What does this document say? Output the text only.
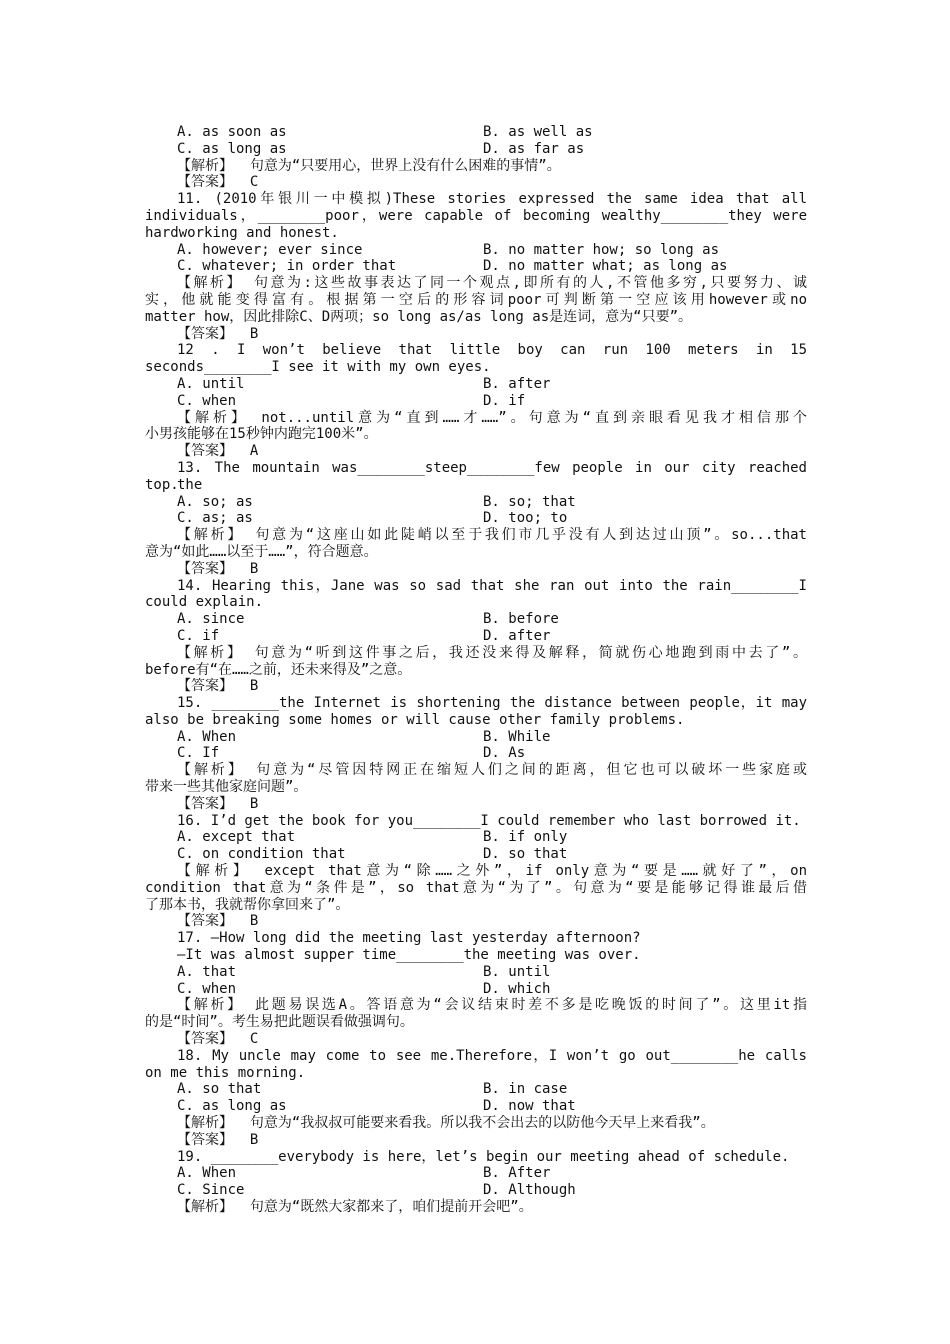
A. as soon as	B. as well as
C. as long as	D. as far as
【解析】  句意为“只要用心，世界上没有什么困难的事情”。
【答案】  C
11. (2010年银川一中模拟)These stories expressed the same idea that all
individuals，________poor，were capable of becoming wealthy________they were
hardworking and honest.
A. however; ever since	B. no matter how; so long as
C. whatever; in order that	D. no matter what; as long as
【解析】 句意为:这些故事表达了同一个观点,即所有的人,不管他多穷,只要努力、诚
实，他就能变得富有。根据第一空后的形容词poor可判断第一空应该用however或no
matter how，因此排除C、D两项；so long as/as long as是连词，意为“只要”。
【答案】  B
12 . I won’t believe that little boy can run 100 meters in 15
seconds________I see it with my own eyes.
A. until	B. after
C. when	D. if
【解析】 not...until意为“直到……才……”。句意为“直到亲眼看见我才相信那个
小男孩能够在15秒钟内跑完100米”。
【答案】  A
13. The mountain was________steep________few people in our city reached the
top.
A. so; as	B. so; that
C. as; as	D. too; to
【解析】 句意为“这座山如此陡峭以至于我们市几乎没有人到达过山顶”。so...that
意为“如此……以至于……”，符合题意。
【答案】  B
14. Hearing this，Jane was so sad that she ran out into the rain________I
could explain.
A. since	B. before
C. if	D. after
【解析】 句意为“听到这件事之后，我还没来得及解释，简就伤心地跑到雨中去了”。
before有“在……之前，还未来得及”之意。
【答案】  B
15. ________the Internet is shortening the distance between people，it may
also be breaking some homes or will cause other family problems.
A. When	B. While
C. If	D. As
【解析】 句意为“尽管因特网正在缩短人们之间的距离，但它也可以破坏一些家庭或
带来一些其他家庭问题”。
【答案】  B
16. I’d get the book for you________I could remember who last borrowed it.
A. except that	B. if only
C. on condition that	D. so that
【解析】 except that意为“除……之外”，if only意为“要是……就好了”，on
condition that意为“条件是”，so that意为“为了”。句意为“要是能够记得谁最后借
了那本书，我就帮你拿回来了”。
【答案】  B
17. —How long did the meeting last yesterday afternoon?
—It was almost supper time________the meeting was over.
A. that	B. until
C. when	D. which
【解析】 此题易误选A。答语意为“会议结束时差不多是吃晚饭的时间了”。这里it指
的是“时间”。考生易把此题误看做强调句。
【答案】  C
18. My uncle may come to see me.Therefore，I won’t go out________he calls
on me this morning.
A. so that	B. in case
C. as long as	D. now that
【解析】  句意为“我叔叔可能要来看我。所以我不会出去的以防他今天早上来看我”。
【答案】  B
19. ________everybody is here，let’s begin our meeting ahead of schedule.
A. When	B. After
C. Since	D. Although
【解析】  句意为“既然大家都来了，咱们提前开会吧”。
